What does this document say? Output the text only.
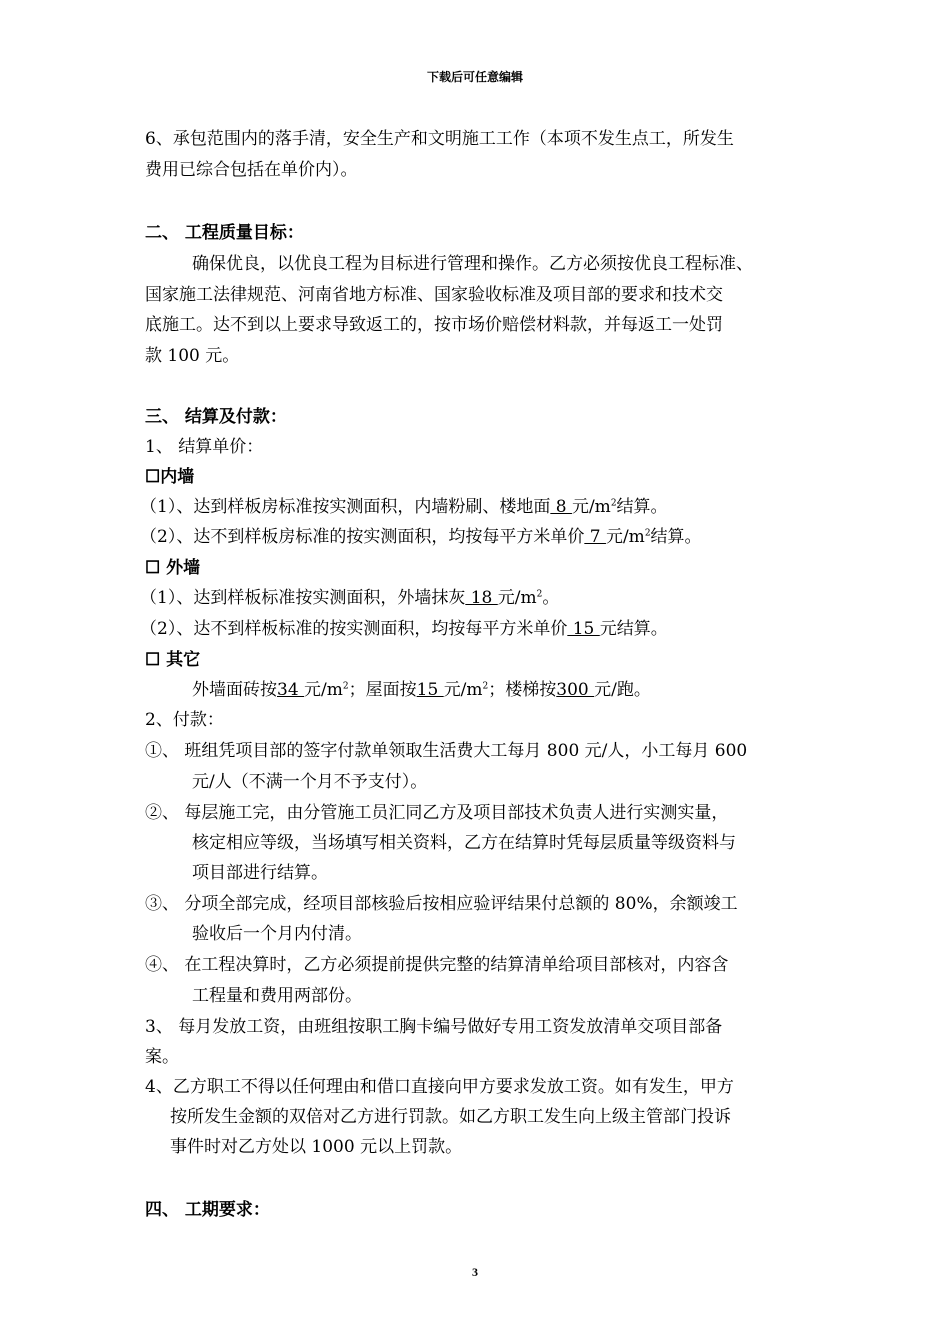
下载后可任意编辑
6、承包范围内的落手清，安全生产和文明施工工作（本项不发生点工，所发生
费用已综合包括在单价内）。
二、 工程质量目标：
确保优良，以优良工程为目标进行管理和操作。乙方必须按优良工程标准、
国家施工法律规范、河南省地方标准、国家验收标准及项目部的要求和技术交
底施工。达不到以上要求导致返工的，按市场价赔偿材料款，并每返工一处罚
款 100 元。
三、 结算及付款：
1、 结算单价：
☐内墙
（1）、达到样板房标准按实测面积，内墙粉刷、楼地面 8 元$/m^2$结算。
（2）、达不到样板房标准的按实测面积，均按每平方米单价 7 元$/m^2$结算。
☐ 外墙
（1）、达到样板标准按实测面积，外墙抹灰 18 元$/m^2$。
（2）、达不到样板标准的按实测面积，均按每平方米单价 15 元结算。
☐ 其它
外墙面砖按34 元$/m^2$；屋面按15 元$/m^2$；楼梯按300 元/跑。
2、付款：
①、 班组凭项目部的签字付款单领取生活费大工每月 800 元/人，小工每月 600
元/人（不满一个月不予支付）。
②、 每层施工完，由分管施工员汇同乙方及项目部技术负责人进行实测实量，
核定相应等级，当场填写相关资料，乙方在结算时凭每层质量等级资料与
项目部进行结算。
③、 分项全部完成，经项目部核验后按相应验评结果付总额的 80%，余额竣工
验收后一个月内付清。
④、 在工程决算时，乙方必须提前提供完整的结算清单给项目部核对，内容含
工程量和费用两部份。
3、 每月发放工资，由班组按职工胸卡编号做好专用工资发放清单交项目部备
案。
4、乙方职工不得以任何理由和借口直接向甲方要求发放工资。如有发生，甲方
按所发生金额的双倍对乙方进行罚款。如乙方职工发生向上级主管部门投诉
事件时对乙方处以 1000 元以上罚款。
四、 工期要求：
3
